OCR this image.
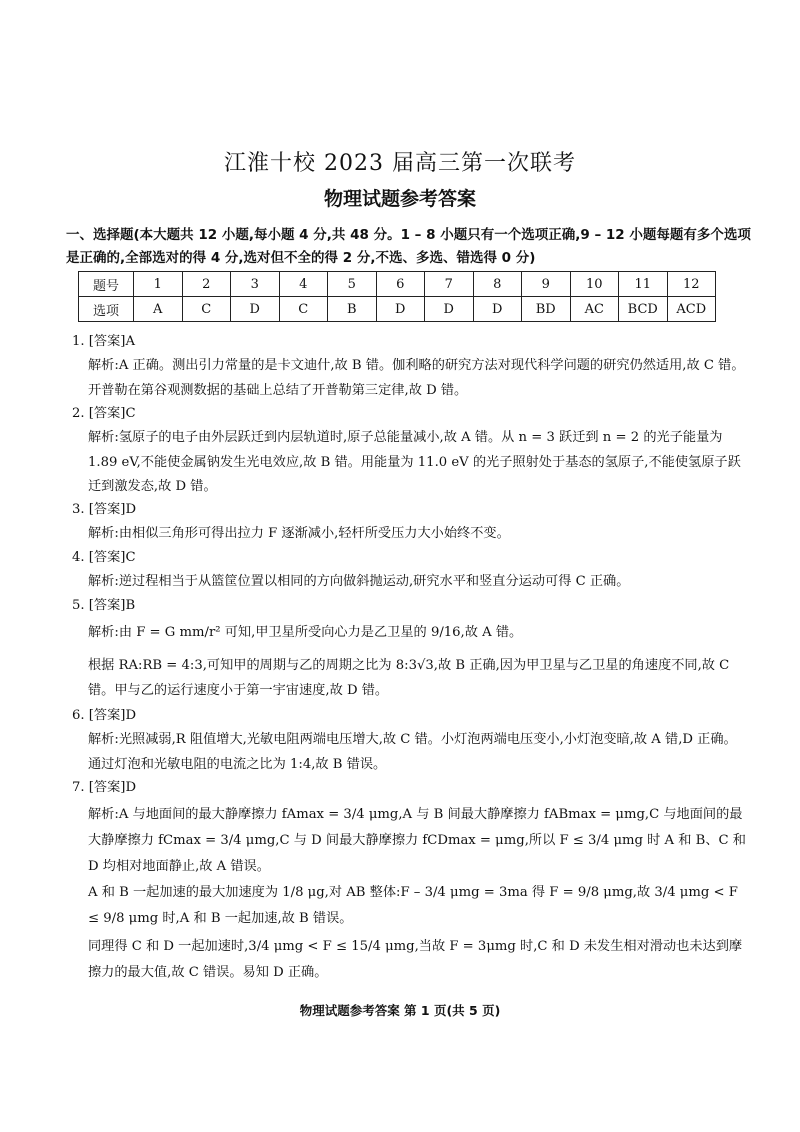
江淮十校 2023 届高三第一次联考
物理试题参考答案
一、选择题(本大题共 12 小题,每小题 4 分,共 48 分。1 – 8 小题只有一个选项正确,9 – 12 小题每题有多个选项是正确的,全部选对的得 4 分,选对但不全的得 2 分,不选、多选、错选得 0 分)
题号	1	2	3	4	5	6	7	8	9	10	11	12
选项	A	C	D	C	B	D	D	D	BD	AC	BCD	ACD
1. [答案]A
解析:A 正确。测出引力常量的是卡文迪什,故 B 错。伽利略的研究方法对现代科学问题的研究仍然适用,故 C 错。开普勒在第谷观测数据的基础上总结了开普勒第三定律,故 D 错。
2. [答案]C
解析:氢原子的电子由外层跃迁到内层轨道时,原子总能量减小,故 A 错。从 n = 3 跃迁到 n = 2 的光子能量为 1.89 eV,不能使金属钠发生光电效应,故 B 错。用能量为 11.0 eV 的光子照射处于基态的氢原子,不能使氢原子跃迁到激发态,故 D 错。
3. [答案]D
解析:由相似三角形可得出拉力 F 逐渐减小,轻杆所受压力大小始终不变。
4. [答案]C
解析:逆过程相当于从篮筐位置以相同的方向做斜抛运动,研究水平和竖直分运动可得 C 正确。
5. [答案]B
解析:由 F = G mm/r² 可知,甲卫星所受向心力是乙卫星的 9/16,故 A 错。
根据 RA:RB = 4:3,可知甲的周期与乙的周期之比为 8:3√3,故 B 正确,因为甲卫星与乙卫星的角速度不同,故 C 错。甲与乙的运行速度小于第一宇宙速度,故 D 错。
6. [答案]D
解析:光照减弱,R 阻值增大,光敏电阻两端电压增大,故 C 错。小灯泡两端电压变小,小灯泡变暗,故 A 错,D 正确。通过灯泡和光敏电阻的电流之比为 1:4,故 B 错误。
7. [答案]D
解析:A 与地面间的最大静摩擦力 fAmax = 3/4 μmg,A 与 B 间最大静摩擦力 fABmax = μmg,C 与地面间的最大静摩擦力 fCmax = 3/4 μmg,C 与 D 间最大静摩擦力 fCDmax = μmg,所以 F ≤ 3/4 μmg 时 A 和 B、C 和 D 均相对地面静止,故 A 错误。
A 和 B 一起加速的最大加速度为 1/8 μg,对 AB 整体:F – 3/4 μmg = 3ma 得 F = 9/8 μmg,故 3/4 μmg < F ≤ 9/8 μmg 时,A 和 B 一起加速,故 B 错误。
同理得 C 和 D 一起加速时,3/4 μmg < F ≤ 15/4 μmg,当故 F = 3μmg 时,C 和 D 未发生相对滑动也未达到摩擦力的最大值,故 C 错误。易知 D 正确。
物理试题参考答案 第 1 页(共 5 页)
